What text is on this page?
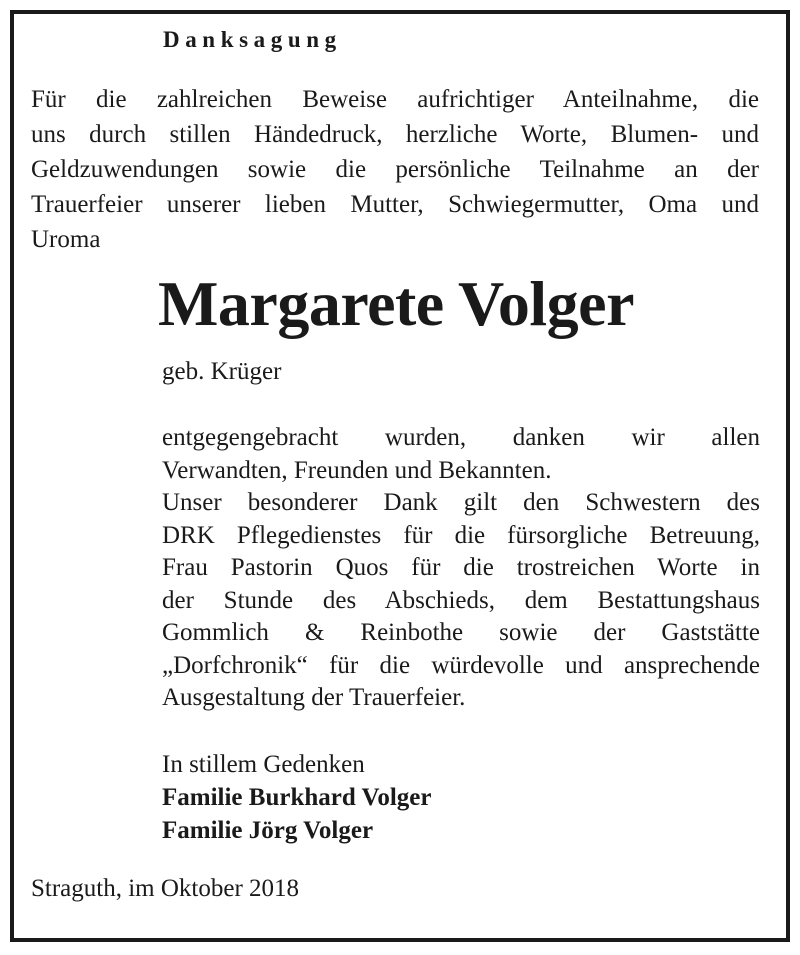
Danksagung
Für die zahlreichen Beweise aufrichtiger Anteilnahme, die
uns durch stillen Händedruck, herzliche Worte, Blumen- und
Geldzuwendungen sowie die persönliche Teilnahme an der
Trauerfeier unserer lieben Mutter, Schwiegermutter, Oma und
Uroma
Margarete Volger
geb. Krüger
entgegengebracht wurden, danken wir allen
Verwandten, Freunden und Bekannten.
Unser besonderer Dank gilt den Schwestern des
DRK Pflegedienstes für die fürsorgliche Betreuung,
Frau Pastorin Quos für die trostreichen Worte in
der Stunde des Abschieds, dem Bestattungshaus
Gommlich & Reinbothe sowie der Gaststätte
„Dorfchronik“ für die würdevolle und ansprechende
Ausgestaltung der Trauerfeier.
In stillem Gedenken
Familie Burkhard Volger
Familie Jörg Volger
Straguth, im Oktober 2018
